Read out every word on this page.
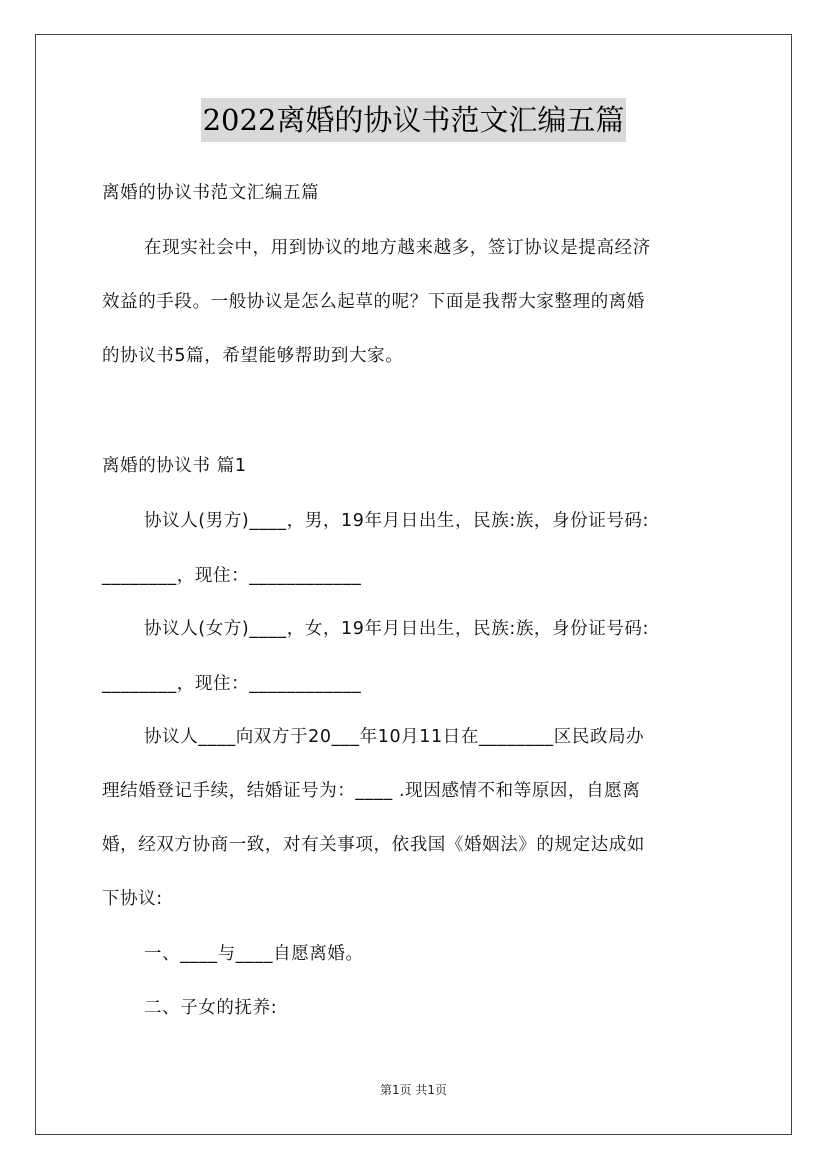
2022离婚的协议书范文汇编五篇
离婚的协议书范文汇编五篇
在现实社会中，用到协议的地方越来越多，签订协议是提高经济
效益的手段。一般协议是怎么起草的呢？下面是我帮大家整理的离婚
的协议书5篇，希望能够帮助到大家。
离婚的协议书 篇1
协议人(男方)____，男，19年月日出生，民族:族，身份证号码:
________，现住：____________
协议人(女方)____，女，19年月日出生，民族:族，身份证号码:
________，现住：____________
协议人____向双方于20___年10月11日在________区民政局办
理结婚登记手续，结婚证号为：____ .现因感情不和等原因，自愿离
婚，经双方协商一致，对有关事项，依我国《婚姻法》的规定达成如
下协议:
一、____与____自愿离婚。
二、子女的抚养:
第1页 共1页
